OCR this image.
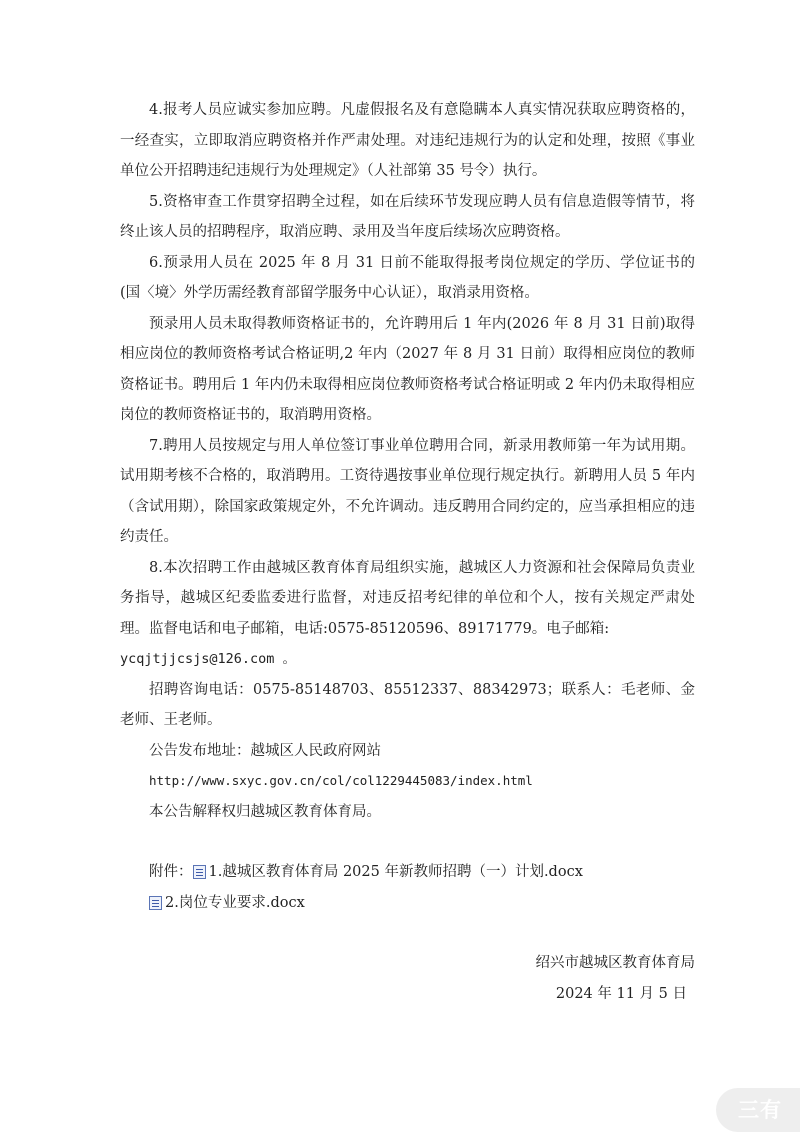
4.报考人员应诚实参加应聘。凡虚假报名及有意隐瞒本人真实情况获取应聘资格的，一经查实，立即取消应聘资格并作严肃处理。对违纪违规行为的认定和处理，按照《事业单位公开招聘违纪违规行为处理规定》（人社部第 35 号令）执行。

5.资格审查工作贯穿招聘全过程，如在后续环节发现应聘人员有信息造假等情节，将终止该人员的招聘程序，取消应聘、录用及当年度后续场次应聘资格。

6.预录用人员在 2025 年 8 月 31 日前不能取得报考岗位规定的学历、学位证书的(国〈境〉外学历需经教育部留学服务中心认证），取消录用资格。

预录用人员未取得教师资格证书的，允许聘用后 1 年内(2026 年 8 月 31 日前)取得相应岗位的教师资格考试合格证明,2 年内（2027 年 8 月 31 日前）取得相应岗位的教师资格证书。聘用后 1 年内仍未取得相应岗位教师资格考试合格证明或 2 年内仍未取得相应岗位的教师资格证书的，取消聘用资格。

7.聘用人员按规定与用人单位签订事业单位聘用合同，新录用教师第一年为试用期。试用期考核不合格的，取消聘用。工资待遇按事业单位现行规定执行。新聘用人员 5 年内（含试用期），除国家政策规定外，不允许调动。违反聘用合同约定的，应当承担相应的违约责任。

8.本次招聘工作由越城区教育体育局组织实施，越城区人力资源和社会保障局负责业务指导，越城区纪委监委进行监督，对违反招考纪律的单位和个人，按有关规定严肃处理。监督电话和电子邮箱，电话:0575-85120596、89171779。电子邮箱:

ycqjtjjcsjs@126.com 。

招聘咨询电话：0575-85148703、85512337、88342973；联系人：毛老师、金老师、王老师。

公告发布地址：越城区人民政府网站

http://www.sxyc.gov.cn/col/col1229445083/index.html

本公告解释权归越城区教育体育局。

附件： 1.越城区教育体育局 2025 年新教师招聘（一）计划.docx
2.岗位专业要求.docx

绍兴市越城区教育体育局

2024 年 11 月 5 日

三有
